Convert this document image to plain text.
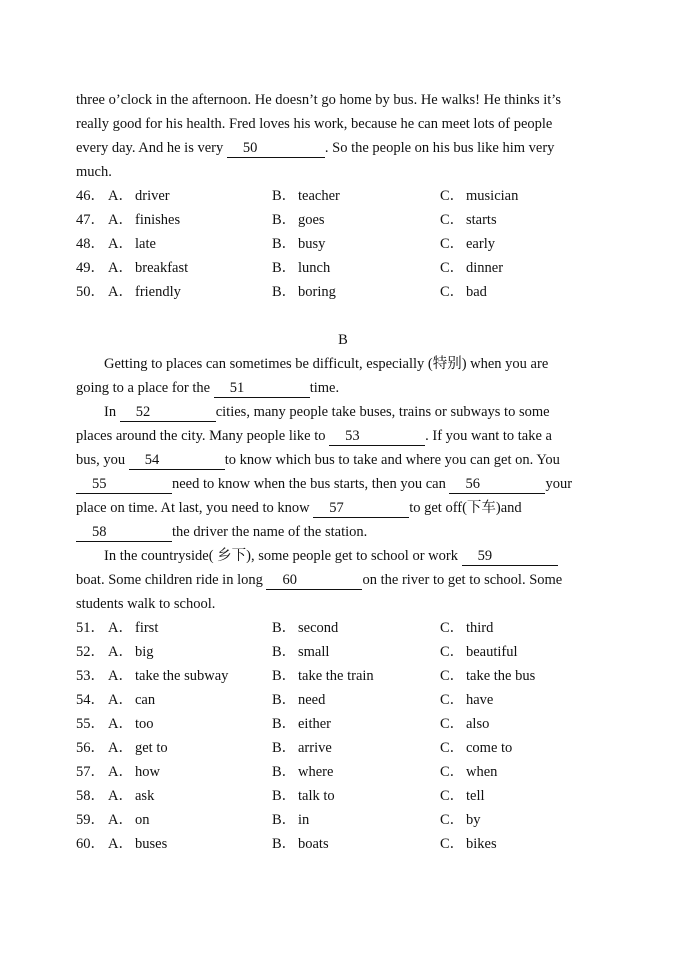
three o’clock in the afternoon. He doesn’t go home by bus. He walks! He thinks it’s
really good for his health. Fred loves his work, because he can meet lots of people
every day. And he is very 50	. So the people on his bus like him very
much.
46． A． driver	B． teacher	C． musician
47． A． finishes	B． goes	C． starts
48． A． late	B． busy	C． early
49． A． breakfast	B． lunch	C． dinner
50． A． friendly	B． boring	C． bad
B
Getting to places can sometimes be difficult, especially (特别) when you are
going to a place for the 51	time.
In 52	cities, many people take buses, trains or subways to some
places around the city. Many people like to 53	. If you want to take a
bus, you 54	to know which bus to take and where you can get on. You
55	need to know when the bus starts, then you can 56	your
place on time. At last, you need to know 57	to get off(下车)and
58	the driver the name of the station.
In the countryside( 乡下), some people get to school or work 59
boat. Some children ride in long 60	on the river to get to school. Some
students walk to school.
51． A． first	B． second	C． third
52． A． big	B． small	C． beautiful
53． A． take the subway	B． take the train	C． take the bus
54． A． can	B． need	C． have
55． A． too	B． either	C． also
56． A． get to	B． arrive	C． come to
57． A． how	B． where	C． when
58． A． ask	B． talk to	C． tell
59． A． on	B． in	C． by
60． A． buses	B． boats	C． bikes
